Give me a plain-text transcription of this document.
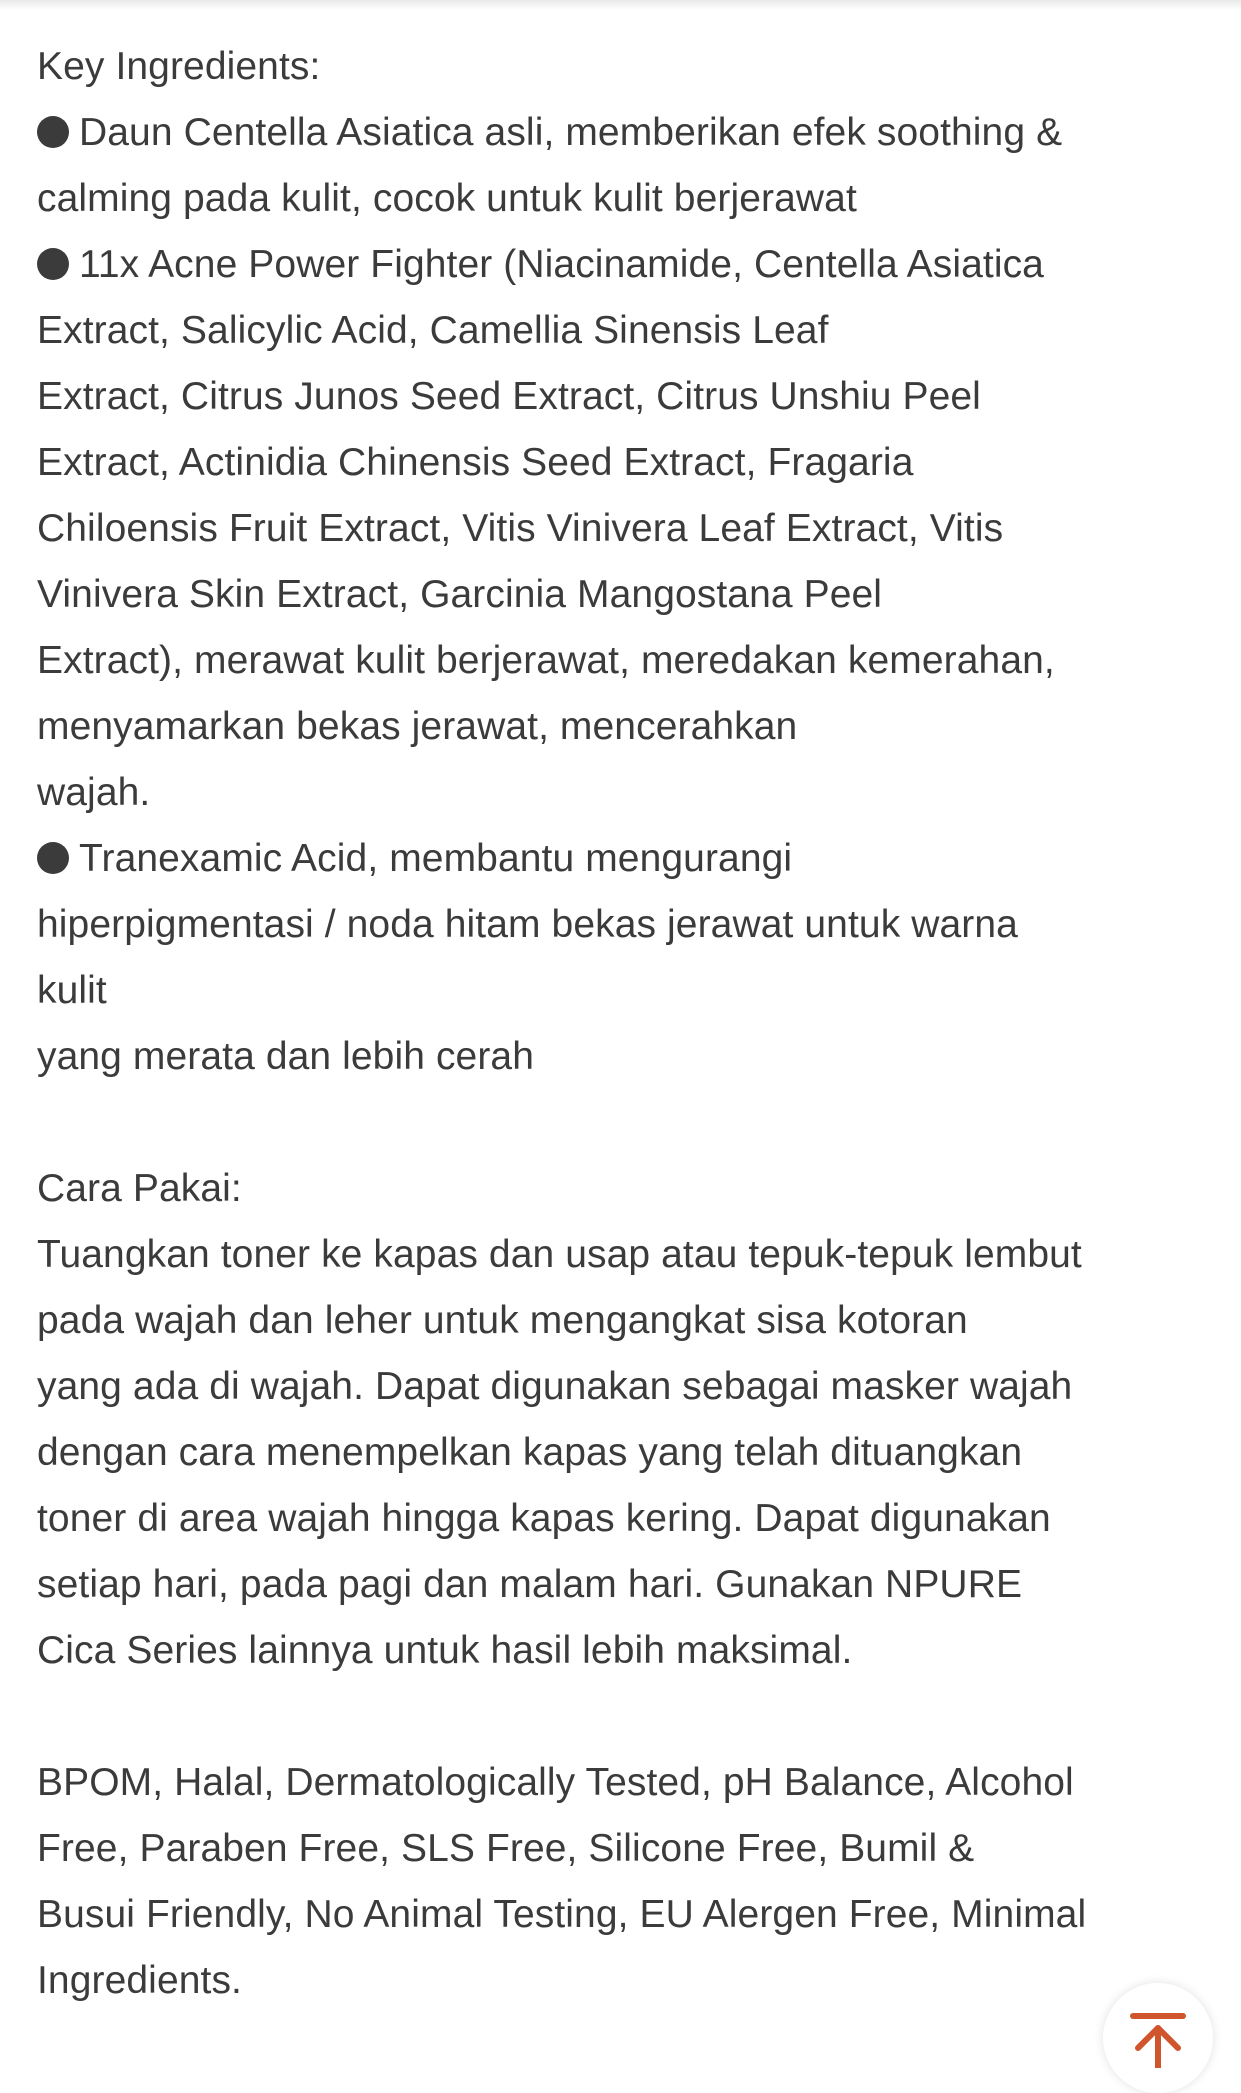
Key Ingredients:
Daun Centella Asiatica asli, memberikan efek soothing &
calming pada kulit, cocok untuk kulit berjerawat
11x Acne Power Fighter (Niacinamide, Centella Asiatica
Extract, Salicylic Acid, Camellia Sinensis Leaf
Extract, Citrus Junos Seed Extract, Citrus Unshiu Peel
Extract, Actinidia Chinensis Seed Extract, Fragaria
Chiloensis Fruit Extract, Vitis Vinivera Leaf Extract, Vitis
Vinivera Skin Extract, Garcinia Mangostana Peel
Extract), merawat kulit berjerawat, meredakan kemerahan,
menyamarkan bekas jerawat, mencerahkan
wajah.
Tranexamic Acid, membantu mengurangi
hiperpigmentasi / noda hitam bekas jerawat untuk warna
kulit
yang merata dan lebih cerah
Cara Pakai:
Tuangkan toner ke kapas dan usap atau tepuk-tepuk lembut
pada wajah dan leher untuk mengangkat sisa kotoran
yang ada di wajah. Dapat digunakan sebagai masker wajah
dengan cara menempelkan kapas yang telah dituangkan
toner di area wajah hingga kapas kering. Dapat digunakan
setiap hari, pada pagi dan malam hari. Gunakan NPURE
Cica Series lainnya untuk hasil lebih maksimal.
BPOM, Halal, Dermatologically Tested, pH Balance, Alcohol
Free, Paraben Free, SLS Free, Silicone Free, Bumil &
Busui Friendly, No Animal Testing, EU Alergen Free, Minimal
Ingredients.
